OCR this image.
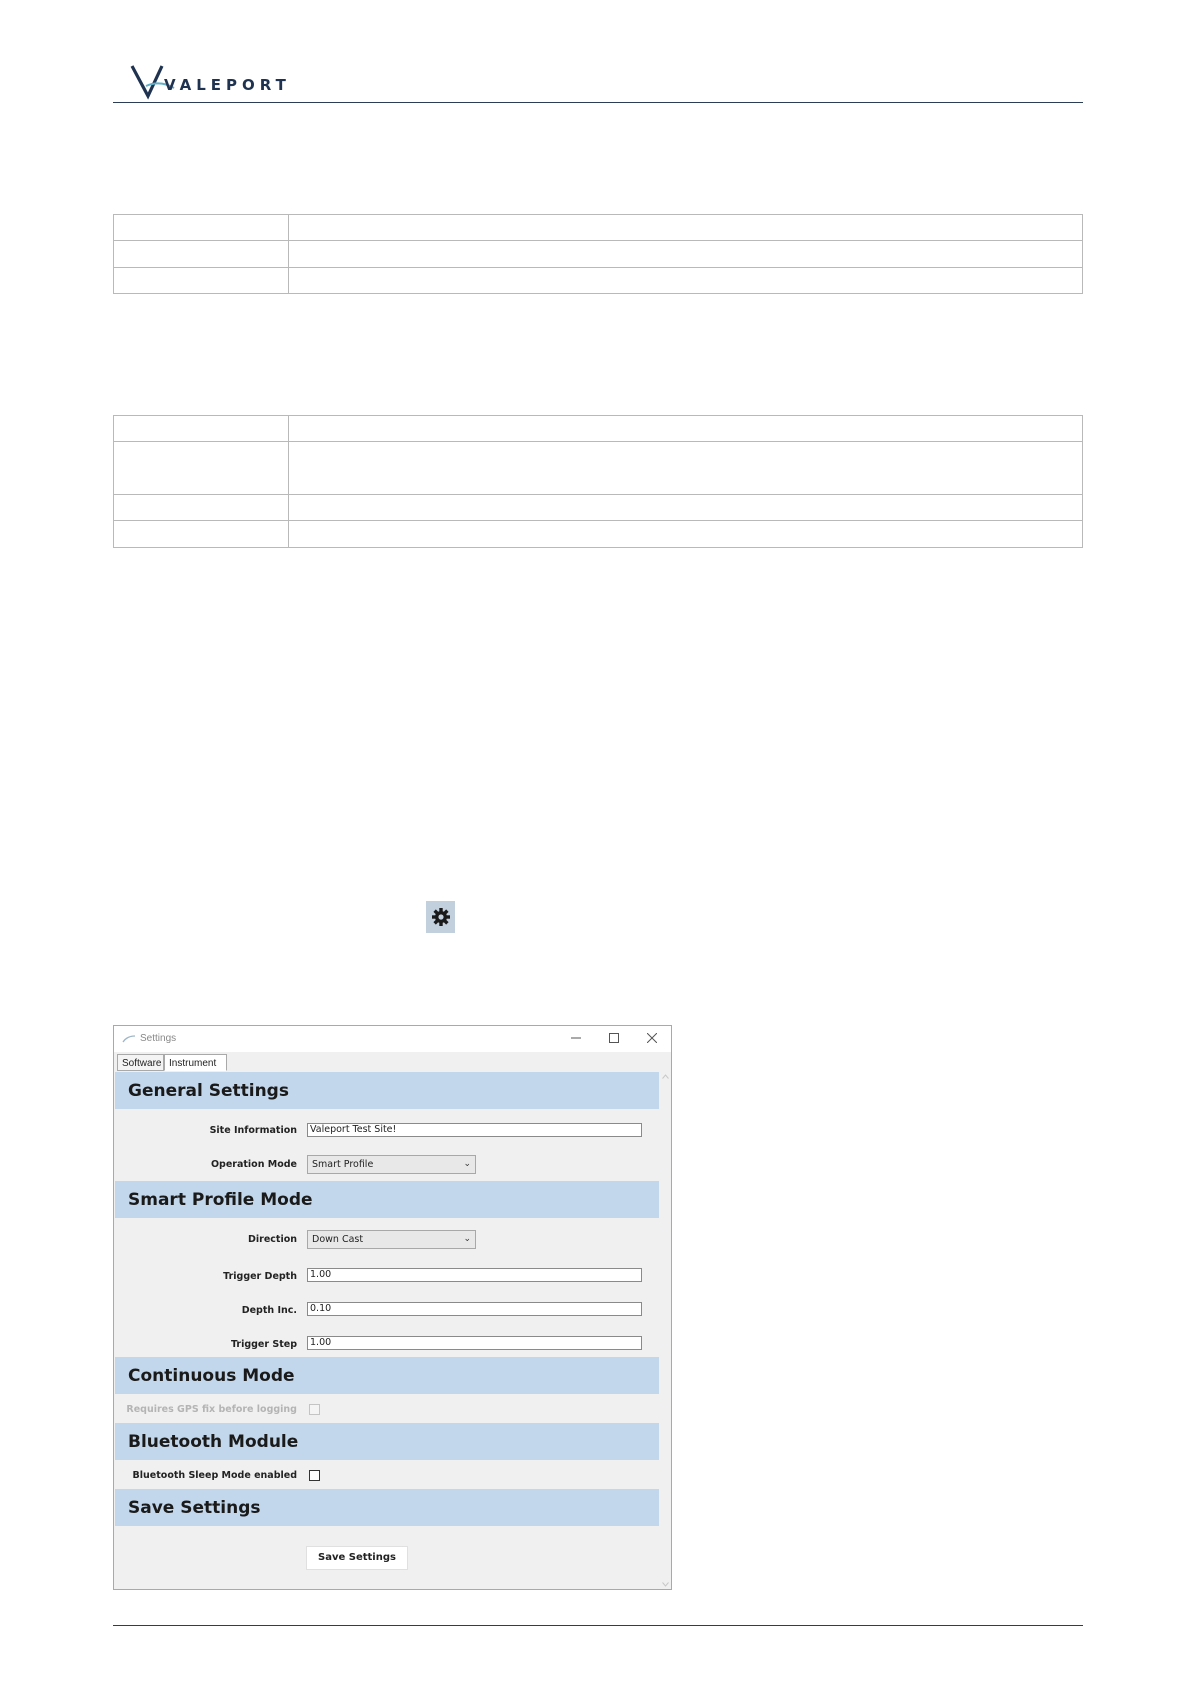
VALEPORT

Settings
Software Instrument
General Settings
Site Information	Valeport Test Site!
Operation Mode	Smart Profile	⌄
Smart Profile Mode
Direction	Down Cast	⌄
Trigger Depth	1.00
Depth Inc.	0.10
Trigger Step	1.00
Continuous Mode
Requires GPS fix before logging
Bluetooth Module
Bluetooth Sleep Mode enabled
Save Settings
Save Settings
